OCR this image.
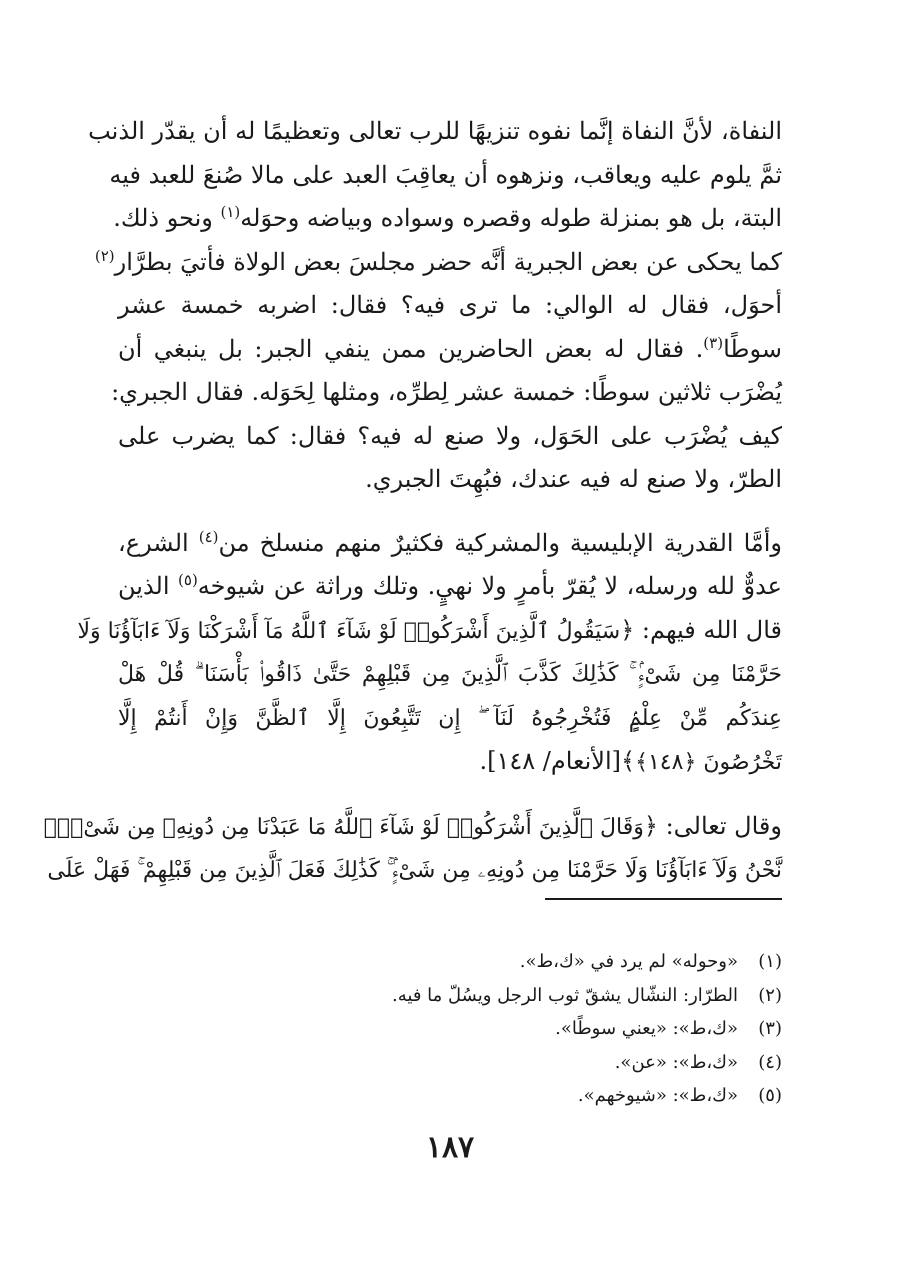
النفاة، لأنَّ النفاة إنَّما نفوه تنزيهًا للرب تعالى وتعظيمًا له أن يقدّر الذنب
ثمَّ يلوم عليه ويعاقب، ونزهوه أن يعاقِبَ العبد على مالا صُنعَ للعبد فيه
البتة، بل هو بمنزلة طوله وقصره وسواده وبياضه وحوَله$^{(١)}$ ونحو ذلك.
كما يحكى عن بعض الجبرية أنَّه حضر مجلسَ بعض الولاة فأتيَ بطرَّار$^{(٢)}$
أحوَل، فقال له الوالي: ما ترى فيه؟ فقال: اضربه خمسة عشر
سوطًا$^{(٣)}$. فقال له بعض الحاضرين ممن ينفي الجبر: بل ينبغي أن
يُضْرَب ثلاثين سوطًا: خمسة عشر لِطرِّه، ومثلها لِحَوَله. فقال الجبري:
كيف يُضْرَب على الحَوَل، ولا صنع له فيه؟ فقال: كما يضرب على
الطرّ، ولا صنع له فيه عندك، فبُهِتَ الجبري.

وأمَّا القدرية الإبليسية والمشركية فكثيرٌ منهم منسلخ من$^{(٤)}$ الشرع،
عدوٌّ لله ورسله، لا يُقرّ بأمرٍ ولا نهيٍ. وتلك وراثة عن شيوخه$^{(٥)}$ الذين
قال الله فيهم: ﴿سَيَقُولُ ٱلَّذِينَ أَشْرَكُوا۟ لَوْ شَآءَ ٱللَّهُ مَآ أَشْرَكْنَا وَلَآ ءَابَآؤُنَا وَلَا
حَرَّمْنَا مِن شَىْءٍۢ ۚ كَذَٰلِكَ كَذَّبَ ٱلَّذِينَ مِن قَبْلِهِمْ حَتَّىٰ ذَاقُوا۟ بَأْسَنَا ۗ قُلْ هَلْ
عِندَكُم مِّنْ عِلْمٍۢ فَتُخْرِجُوهُ لَنَآ ۖ إِن تَتَّبِعُونَ إِلَّا ٱلظَّنَّ وَإِنْ أَنتُمْ إِلَّا
تَخْرُصُونَ ﴿١٤٨﴾﴾[الأنعام/ ١٤٨].

وقال تعالى: ﴿وَقَالَ ٱلَّذِينَ أَشْرَكُوا۟ لَوْ شَآءَ ٱللَّهُ مَا عَبَدْنَا مِن دُونِهِۦ مِن شَىْءٍۢ
نَّحْنُ وَلَآ ءَابَآؤُنَا وَلَا حَرَّمْنَا مِن دُونِهِۦ مِن شَىْءٍۢ ۚ كَذَٰلِكَ فَعَلَ ٱلَّذِينَ مِن قَبْلِهِمْ ۚ فَهَلْ عَلَى

(١)
«وحوله» لم يرد في «ك،ط».
(٢)
الطرّار: النشّال يشقّ ثوب الرجل ويسُلّ ما فيه.
(٣)
«ك،ط»: «يعني سوطًا».
(٤)
«ك،ط»: «عن».
(٥)
«ك،ط»: «شيوخهم».
١٨٧
